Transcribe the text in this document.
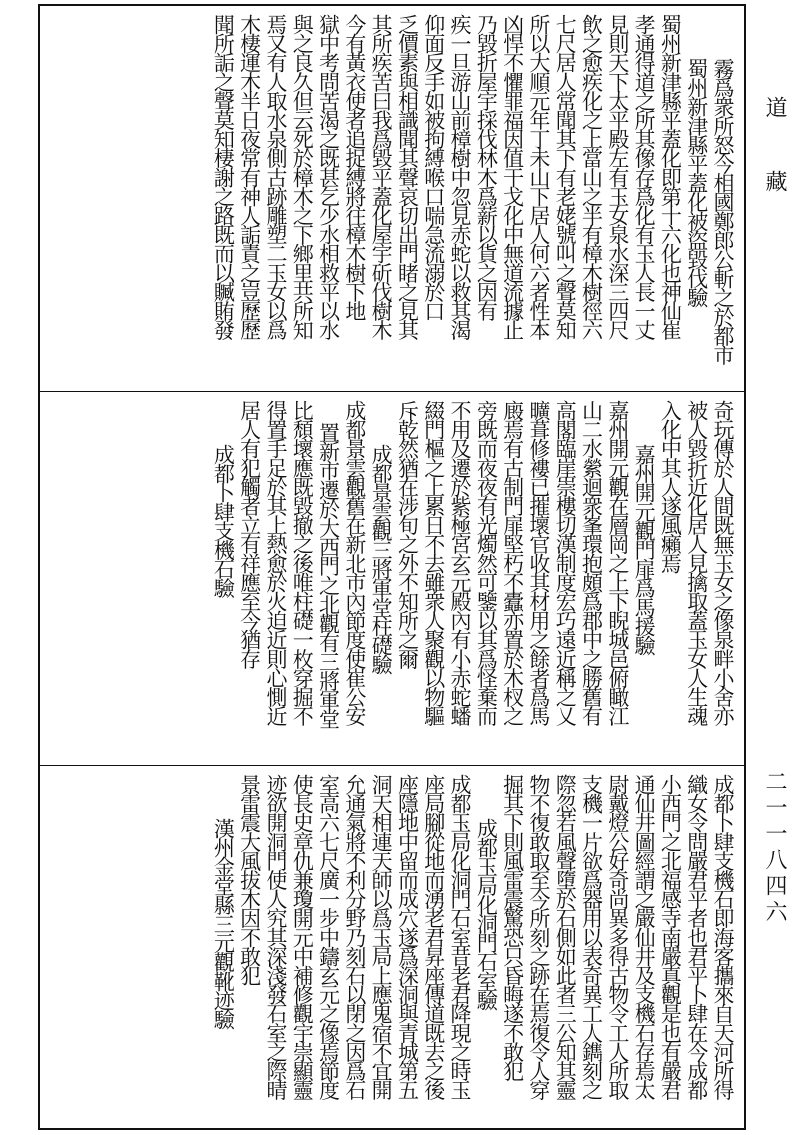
霧爲衆所怒今相國鄭郎公斬之於都市
蜀州新津縣平蓋化被盜毀伐驗
蜀州新津縣平蓋化即第十六化也神仙崔
孝通得道之所其像存爲化有玉人長一丈
見則天下太平殿左有玉女泉水深三四尺
飲之愈疾化之上當山之半有樟木樹徑六
七尺居人常聞其下有老姥號叫之聲莫知
所以大順元年丁未山下居人何六者性本
凶悍不懼罪福因值干戈化中無道流據止
乃毀折屋宇採伐林木爲薪以貨之因有
疾一旦游山前樟樹中忽見赤蛇以救其渴
仰面反手如被拘縛喉口喘急流溺於口
乏價素與相識聞其聲哀切出門睹之見其
其所疾苦曰我爲毀平蓋化屋宇斫伐樹木
今有黃衣使者追捉縛將往樟木樹下地
獄中考問苦渴之既甚乞少水相救平以水
與之良久但云死於樟木之下鄉里共所知
焉又有人取水泉側古跡雕塑二玉女以爲
木棲運木半日夜常有神人詬責之豈歷歷
聞所詬之聲莫知棲謝之路既而以贓賄發
奇玩傳於人間既無玉女之像泉畔小舍亦
被人毀折近化居人見擒取蓋玉女人生魂
入化中其人遂風癩焉
嘉州開元觀門扉爲馬援驗
嘉州開元觀在層岡之上下睨城邑俯瞰江
山二水縈迴衆峯環抱頗爲郡中之勝舊有
高閣臨崖崇樓切漢制度宏巧遠近稱之乂
曠葺修褸已摧壞官收其材用之餘者爲馬
廄焉有古制門扉堅朽不蠹亦置於木杈之
旁既而夜夜有光燭然可鑒以其爲怪棄而
不用及遷於紫極宮玄元殿內有小赤蛇蟠
綴門樞之上累日不去雖衆人聚觀以物驅
斥乾然猶在涉旬之外不知所之爾
成都景雲觀三將軍堂柱礎驗
成都景雲觀舊在新北市內節度使崔公安
置新市遷於大西門之北觀有三將軍堂
比頹壞應既毀撤之後唯柱礎一枚穿掘不
得置手足於其上熱愈於火迫近則心惻近
居人有犯觸者立有祥應至今猶存
成都卜肆支機石驗
成都卜肆支機石即海客攜來自天河所得
織女令問嚴君平者也君平卜肆在今成都
小西門之北福感寺南嚴真觀是也有嚴君
通仙井圖經謂之嚴仙井及支機石存焉太
尉戴燈公好奇尚異多得古物令工人所取
支機一片欲爲器用以表奇異工人鐫刻之
際忽若風聲墮於石側如此者三公知其靈
物不復敢取至今所刻之跡在焉復令人穿
掘其下則風雷震驚恐只昏晦遂不敢犯
成都玉局化洞門石室驗
成都玉局化洞門石室昔老君降現之時玉
座局腳從地而湧老君昇座傳道既去之後
座隱地中留而成穴遂爲深洞與青城第五
洞天相連天師以爲玉局上應鬼宿不宜開
允通氣將不利分野乃刻石以閉之因爲石
室高六七尺廣一步中鑄玄元之像焉節度
使長史章仇兼瓊開元中補修觀宇崇顯靈
迹欲開洞門使人究其深淺發石室之際晴
景雷震大風拔木因不敢犯
漢州金堂縣三元觀靴迹驗
道藏
二一一八四六
